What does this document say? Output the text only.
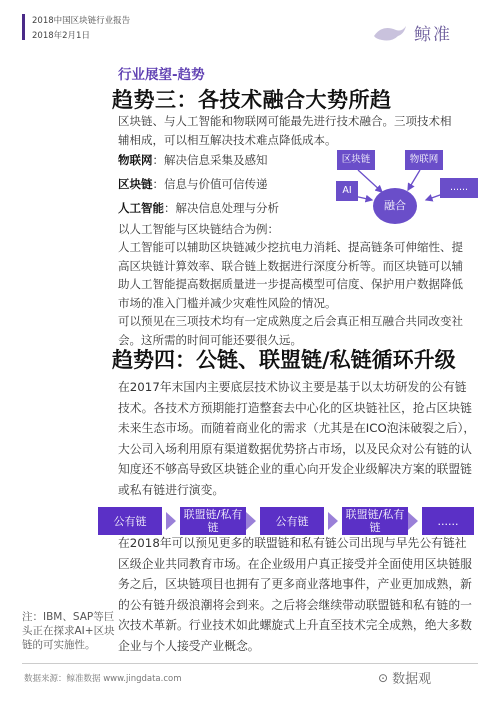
2018中国区块链行业报告
2018年2月1日	鲸准
行业展望-趋势
趋势三：各技术融合大势所趋
区块链、与人工智能和物联网可能最先进行技术融合。三项技术相辅相成，可以相互解决技术难点降低成本。
物联网：解决信息采集及感知
区块链：信息与价值可信传递
人工智能：解决信息处理与分析
区块链	物联网
AI
融合
......
以人工智能与区块链结合为例：
人工智能可以辅助区块链减少挖抗电力消耗、提高链条可伸缩性、提高区块链计算效率、联合链上数据进行深度分析等。而区块链可以辅助人工智能提高数据质量进一步提高模型可信度、保护用户数据降低市场的准入门槛并减少灾难性风险的情况。
可以预见在三项技术均有一定成熟度之后会真正相互融合共同改变社会。这所需的时间可能还要很久远。
趋势四：公链、联盟链/私链循环升级
在2017年末国内主要底层技术协议主要是基于以太坊研发的公有链技术。各技术方预期能打造整套去中心化的区块链社区，抢占区块链未来生态市场。而随着商业化的需求（尤其是在ICO泡沫破裂之后），大公司入场利用原有渠道数据优势挤占市场，以及民众对公有链的认知度还不够高导致区块链企业的重心向开发企业级解决方案的联盟链或私有链进行演变。
公有链	联盟链/私有链	公有链	联盟链/私有链	......
在2018年可以预见更多的联盟链和私有链公司出现与早先公有链社区级企业共同教育市场。在企业级用户真正接受并全面使用区块链服务之后，区块链项目也拥有了更多商业落地事件，产业更加成熟，新的公有链升级浪潮将会到来。之后将会继续带动联盟链和私有链的一次技术革新。行业技术如此螺旋式上升直至技术完全成熟，绝大多数企业与个人接受产业概念。
注：IBM、SAP等巨头正在探求AI+区块链的可实施性。
数据来源：鲸准数据 www.jingdata.com	⊙ 数据观
